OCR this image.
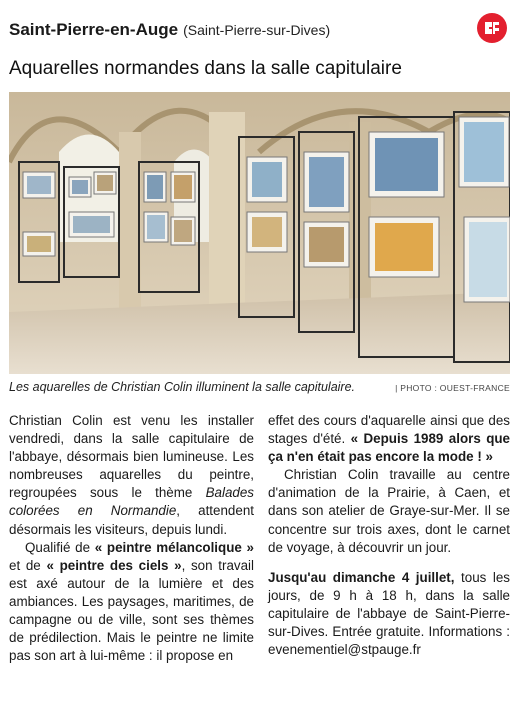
Saint-Pierre-en-Auge (Saint-Pierre-sur-Dives)
Aquarelles normandes dans la salle capitulaire
Les aquarelles de Christian Colin illuminent la salle capitulaire.	| PHOTO : OUEST-FRANCE

Christian Colin est venu les installer vendredi, dans la salle capitulaire de l'abbaye, désormais bien lumineuse. Les nombreuses aquarelles du peintre, regroupées sous le thème Balades colorées en Normandie, attendent désormais les visiteurs, depuis lundi.

Qualifié de « peintre mélancolique » et de « peintre des ciels », son travail est axé autour de la lumière et des ambiances. Les paysages, maritimes, de campagne ou de ville, sont ses thèmes de prédilection. Mais le peintre ne limite pas son art à lui-même : il propose en

effet des cours d'aquarelle ainsi que des stages d'été. « Depuis 1989 alors que ça n'en était pas encore la mode ! »

Christian Colin travaille au centre d'animation de la Prairie, à Caen, et dans son atelier de Graye-sur-Mer. Il se concentre sur trois axes, dont le carnet de voyage, à découvrir un jour.

Jusqu'au dimanche 4 juillet, tous les jours, de 9 h à 18 h, dans la salle capitulaire de l'abbaye de Saint-Pierre-sur-Dives. Entrée gratuite. Informations : evenementiel@stpauge.fr
